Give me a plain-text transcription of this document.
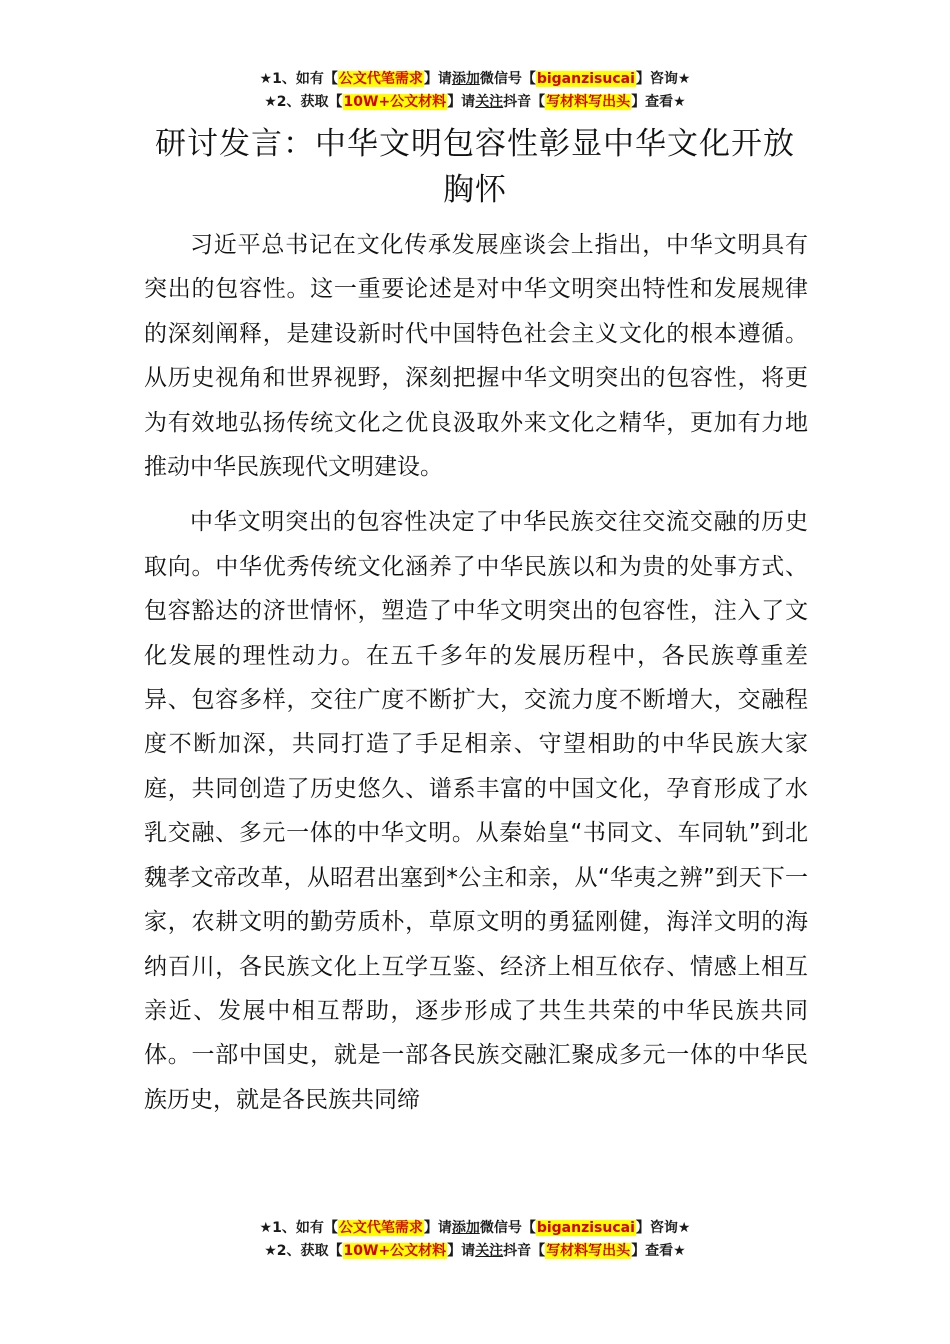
★1、如有【公文代笔需求】请添加微信号【biganzisucai】咨询★
★2、获取【10W+公文材料】请关注抖音【写材料写出头】查看★
研讨发言：中华文明包容性彰显中华文化开放胸怀

习近平总书记在文化传承发展座谈会上指出，中华文明具有突出的包容性。这一重要论述是对中华文明突出特性和发展规律的深刻阐释，是建设新时代中国特色社会主义文化的根本遵循。从历史视角和世界视野，深刻把握中华文明突出的包容性，将更为有效地弘扬传统文化之优良汲取外来文化之精华，更加有力地推动中华民族现代文明建设。

中华文明突出的包容性决定了中华民族交往交流交融的历史取向。中华优秀传统文化涵养了中华民族以和为贵的处事方式、包容豁达的济世情怀，塑造了中华文明突出的包容性，注入了文化发展的理性动力。在五千多年的发展历程中，各民族尊重差异、包容多样，交往广度不断扩大，交流力度不断增大，交融程度不断加深，共同打造了手足相亲、守望相助的中华民族大家庭，共同创造了历史悠久、谱系丰富的中国文化，孕育形成了水乳交融、多元一体的中华文明。从秦始皇“书同文、车同轨”到北魏孝文帝改革，从昭君出塞到*公主和亲，从“华夷之辨”到天下一家，农耕文明的勤劳质朴，草原文明的勇猛刚健，海洋文明的海纳百川，各民族文化上互学互鉴、经济上相互依存、情感上相互亲近、发展中相互帮助，逐步形成了共生共荣的中华民族共同体。一部中国史，就是一部各民族交融汇聚成多元一体的中华民族历史，就是各民族共同缔

★1、如有【公文代笔需求】请添加微信号【biganzisucai】咨询★
★2、获取【10W+公文材料】请关注抖音【写材料写出头】查看★
